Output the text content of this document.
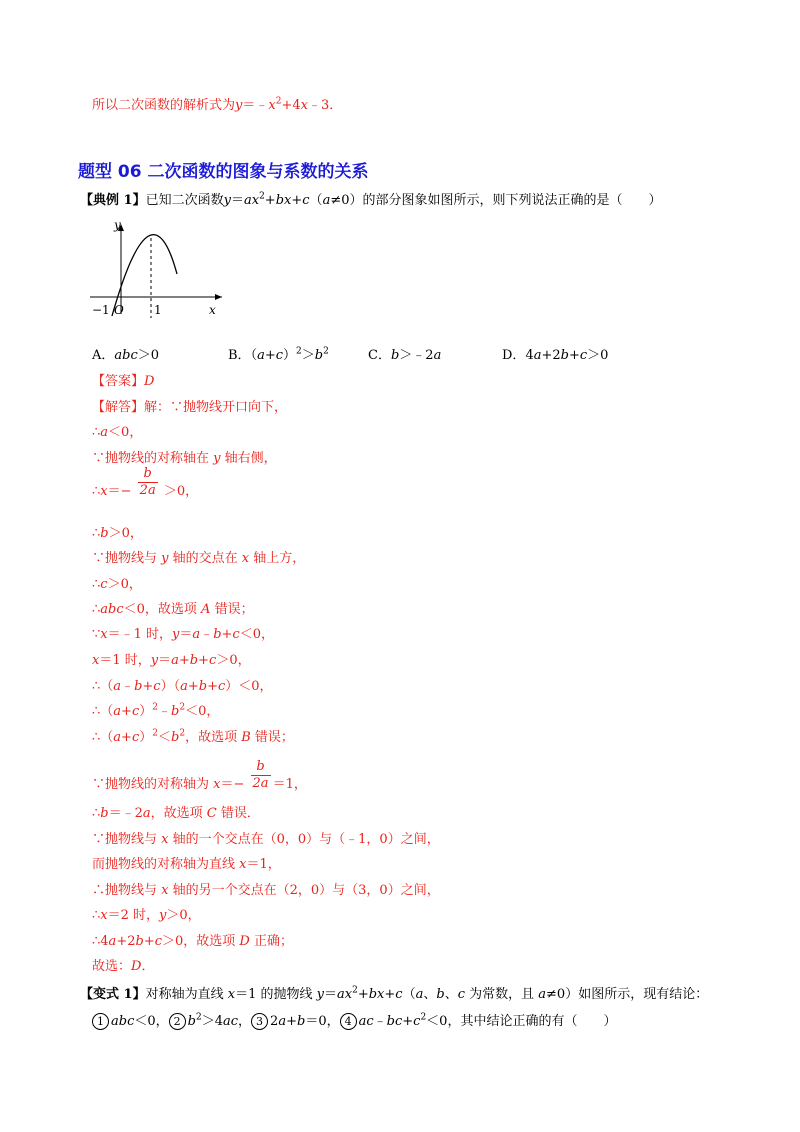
所以二次函数的解析式为$y=﹣x^2+4x﹣3$．
题型 06 二次函数的图象与系数的关系
【典例 1】已知二次函数$y=ax^2+bx+c(a\ne 0)$的部分图象如图所示，则下列说法正确的是（　　）
y
x
O
−1	1
A．abc＞0	B．$(a+c)^2>b^2$	C．b＞﹣2a	D．4a+2b+c＞0
【答案】D
【解答】解：∵抛物线开口向下，
∴a＜0，
∵抛物线的对称轴在 y 轴右侧，
∴x＝− $\frac{b}{2a} >0$，
∴b＞0，
∵抛物线与 y 轴的交点在 x 轴上方，
∴c＞0，
∴abc＜0，故选项 A 错误；
∵x＝﹣1 时，y＝a﹣b+c＜0，
x＝1 时，y＝a+b+c＞0，
∴（a﹣b+c）（a+b+c）＜0，
$\therefore(a+c)^2﹣b^2<0$，
$\therefore(a+c)^2<b^2$，故选项 B 错误；
∵抛物线的对称轴为 $x=- \frac{b}{2a} =1$，
∴b＝﹣2a，故选项 C 错误．
∵抛物线与 x 轴的一个交点在（0，0）与（﹣1，0）之间，
而抛物线的对称轴为直线 x＝1，
∴抛物线与 x 轴的另一个交点在（2，0）与（3，0）之间，
∴x＝2 时，y＞0，
∴4a+2b+c＞0，故选项 D 正确；
故选：D．
【变式 1】对称轴为直线 x＝1 的抛物线 $y=ax^2+bx+c(a$、b、c 为常数，且 a≠0）如图所示，现有结论：
1 abc＜0， 2 $b^2>4ac$， 3 2a+b＝0， 4 $ac﹣bc+c^2<0$，其中结论正确的有（　　）
